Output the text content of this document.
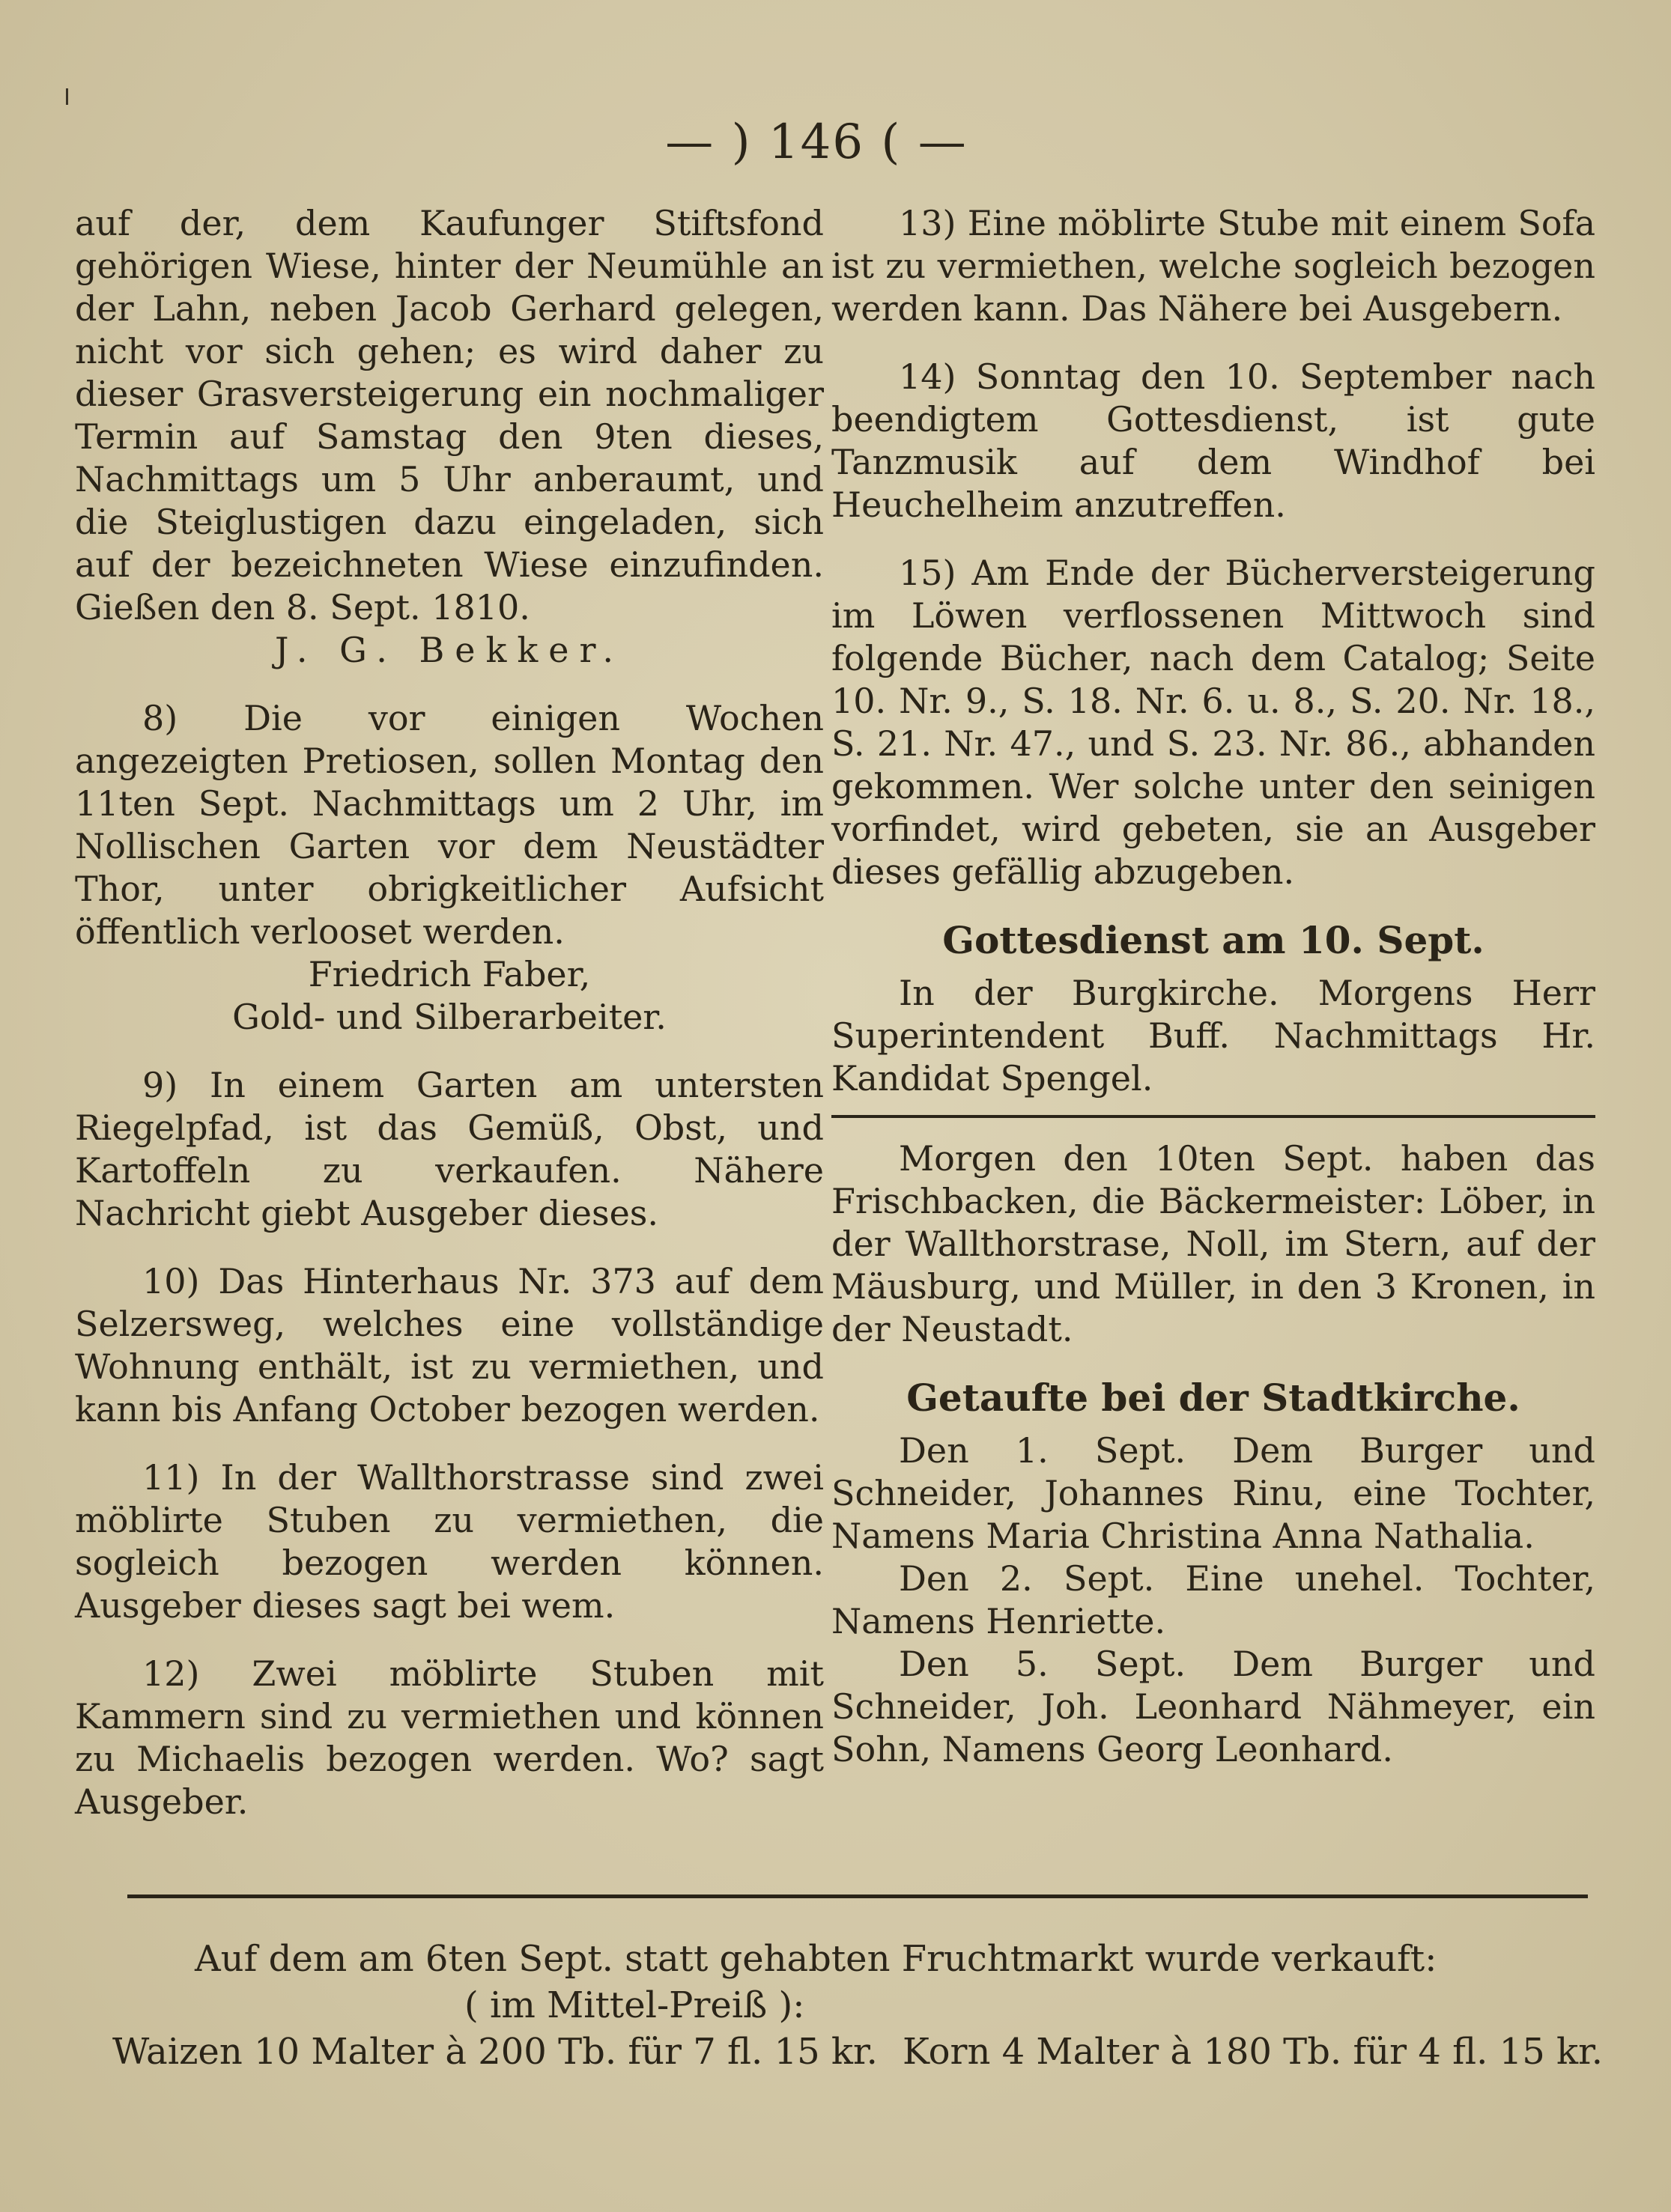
— ) 146 ( —

auf der, dem Kaufunger Stiftsfond gehörigen Wiese, hinter der Neumühle an der Lahn, neben Jacob Gerhard gelegen, nicht vor sich gehen; es wird daher zu dieser Grasversteigerung ein nochmaliger Termin auf Samstag den 9ten dieses, Nachmittags um 5 Uhr anberaumt, und die Steiglustigen dazu eingeladen, sich auf der bezeichneten Wiese einzufinden. Gießen den 8. Sept. 1810.

J. G. Bekker.

8) Die vor einigen Wochen angezeigten Pretiosen, sollen Montag den 11ten Sept. Nachmittags um 2 Uhr, im Nollischen Garten vor dem Neustädter Thor, unter obrigkeitlicher Aufsicht öffentlich verlooset werden.

Friedrich Faber,
Gold- und Silberarbeiter.
9) In einem Garten am untersten Riegelpfad, ist das Gemüß, Obst, und Kartoffeln zu verkaufen. Nähere Nachricht giebt Ausgeber dieses.
10) Das Hinterhaus Nr. 373 auf dem Selzersweg, welches eine vollständige Wohnung enthält, ist zu vermiethen, und kann bis Anfang October bezogen werden.
11) In der Wallthorstrasse sind zwei möblirte Stuben zu vermiethen, die sogleich bezogen werden können. Ausgeber dieses sagt bei wem.
12) Zwei möblirte Stuben mit Kammern sind zu vermiethen und können zu Michaelis bezogen werden. Wo? sagt Ausgeber.
13) Eine möblirte Stube mit einem Sofa ist zu vermiethen, welche sogleich bezogen werden kann. Das Nähere bei Ausgebern.
14) Sonntag den 10. September nach beendigtem Gottesdienst, ist gute Tanzmusik auf dem Windhof bei Heuchelheim anzutreffen.
15) Am Ende der Bücherversteigerung im Löwen verflossenen Mittwoch sind folgende Bücher, nach dem Catalog; Seite 10. Nr. 9., S. 18. Nr. 6. u. 8., S. 20. Nr. 18., S. 21. Nr. 47., und S. 23. Nr. 86., abhanden gekommen. Wer solche unter den seinigen vorfindet, wird gebeten, sie an Ausgeber dieses gefällig abzugeben.
Gottesdienst am 10. Sept.
In der Burgkirche. Morgens Herr Superintendent Buff. Nachmittags Hr. Kandidat Spengel.
Morgen den 10ten Sept. haben das Frischbacken, die Bäckermeister: Löber, in der Wallthorstrase, Noll, im Stern, auf der Mäusburg, und Müller, in den 3 Kronen, in der Neustadt.
Getaufte bei der Stadtkirche.
Den 1. Sept. Dem Burger und Schneider, Johannes Rinu, eine Tochter, Namens Maria Christina Anna Nathalia.
Den 2. Sept. Eine unehel. Tochter, Namens Henriette.
Den 5. Sept. Dem Burger und Schneider, Joh. Leonhard Nähmeyer, ein Sohn, Namens Georg Leonhard.
Auf dem am 6ten Sept. statt gehabten Fruchtmarkt wurde verkauft:
( im Mittel-Preiß ):
Waizen 10 Malter à 200 Tb. für 7 fl. 15 kr. Korn 4 Malter à 180 Tb. für 4 fl. 15 kr.
